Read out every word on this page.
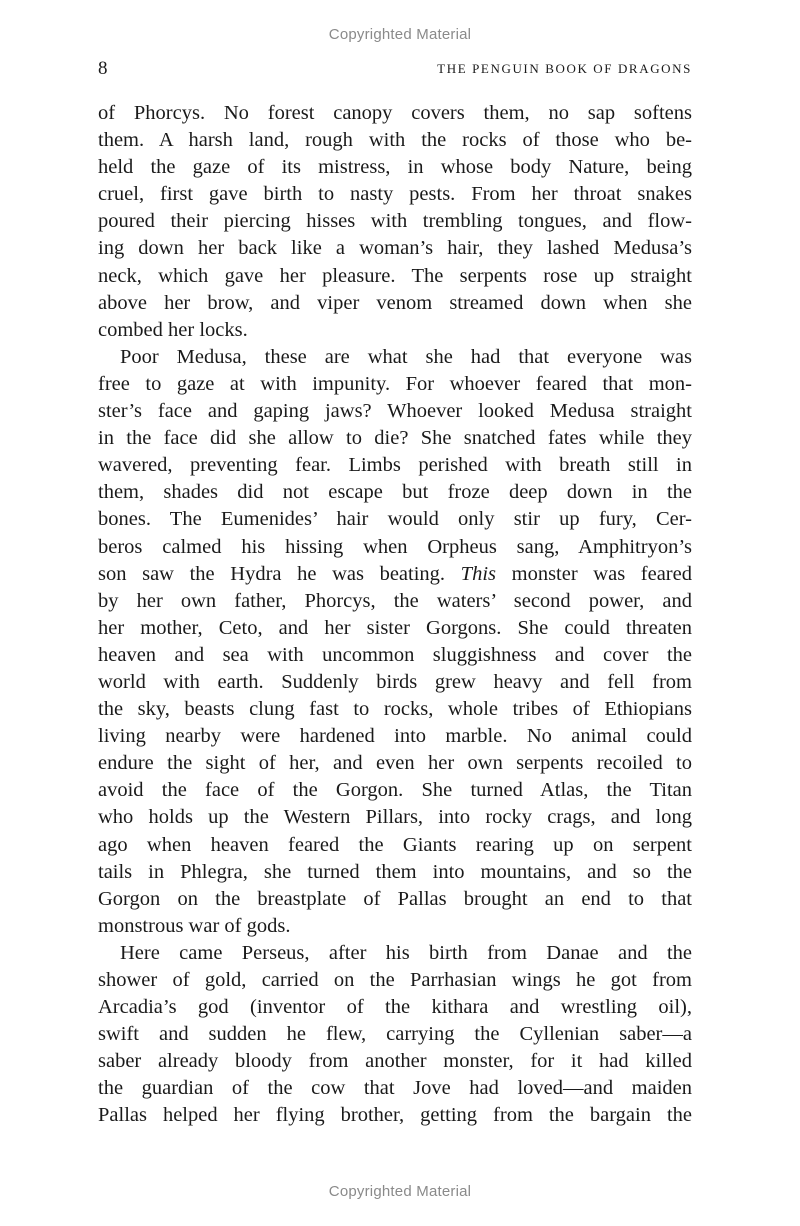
Copyrighted Material
8	THE PENGUIN BOOK OF DRAGONS

of Phorcys. No forest canopy covers them, no sap softens
them. A harsh land, rough with the rocks of those who be-
held the gaze of its mistress, in whose body Nature, being
cruel, first gave birth to nasty pests. From her throat snakes
poured their piercing hisses with trembling tongues, and flow-
ing down her back like a woman’s hair, they lashed Medusa’s
neck, which gave her pleasure. The serpents rose up straight
above her brow, and viper venom streamed down when she
combed her locks.

Poor Medusa, these are what she had that everyone was
free to gaze at with impunity. For whoever feared that mon-
ster’s face and gaping jaws? Whoever looked Medusa straight
in the face did she allow to die? She snatched fates while they
wavered, preventing fear. Limbs perished with breath still in
them, shades did not escape but froze deep down in the
bones. The Eumenides’ hair would only stir up fury, Cer-
beros calmed his hissing when Orpheus sang, Amphitryon’s
son saw the Hydra he was beating. This monster was feared
by her own father, Phorcys, the waters’ second power, and
her mother, Ceto, and her sister Gorgons. She could threaten
heaven and sea with uncommon sluggishness and cover the
world with earth. Suddenly birds grew heavy and fell from
the sky, beasts clung fast to rocks, whole tribes of Ethiopians
living nearby were hardened into marble. No animal could
endure the sight of her, and even her own serpents recoiled to
avoid the face of the Gorgon. She turned Atlas, the Titan
who holds up the Western Pillars, into rocky crags, and long
ago when heaven feared the Giants rearing up on serpent
tails in Phlegra, she turned them into mountains, and so the
Gorgon on the breastplate of Pallas brought an end to that
monstrous war of gods.

Here came Perseus, after his birth from Danae and the
shower of gold, carried on the Parrhasian wings he got from
Arcadia’s god (inventor of the kithara and wrestling oil),
swift and sudden he flew, carrying the Cyllenian saber—a
saber already bloody from another monster, for it had killed
the guardian of the cow that Jove had loved—and maiden
Pallas helped her flying brother, getting from the bargain the

Copyrighted Material
